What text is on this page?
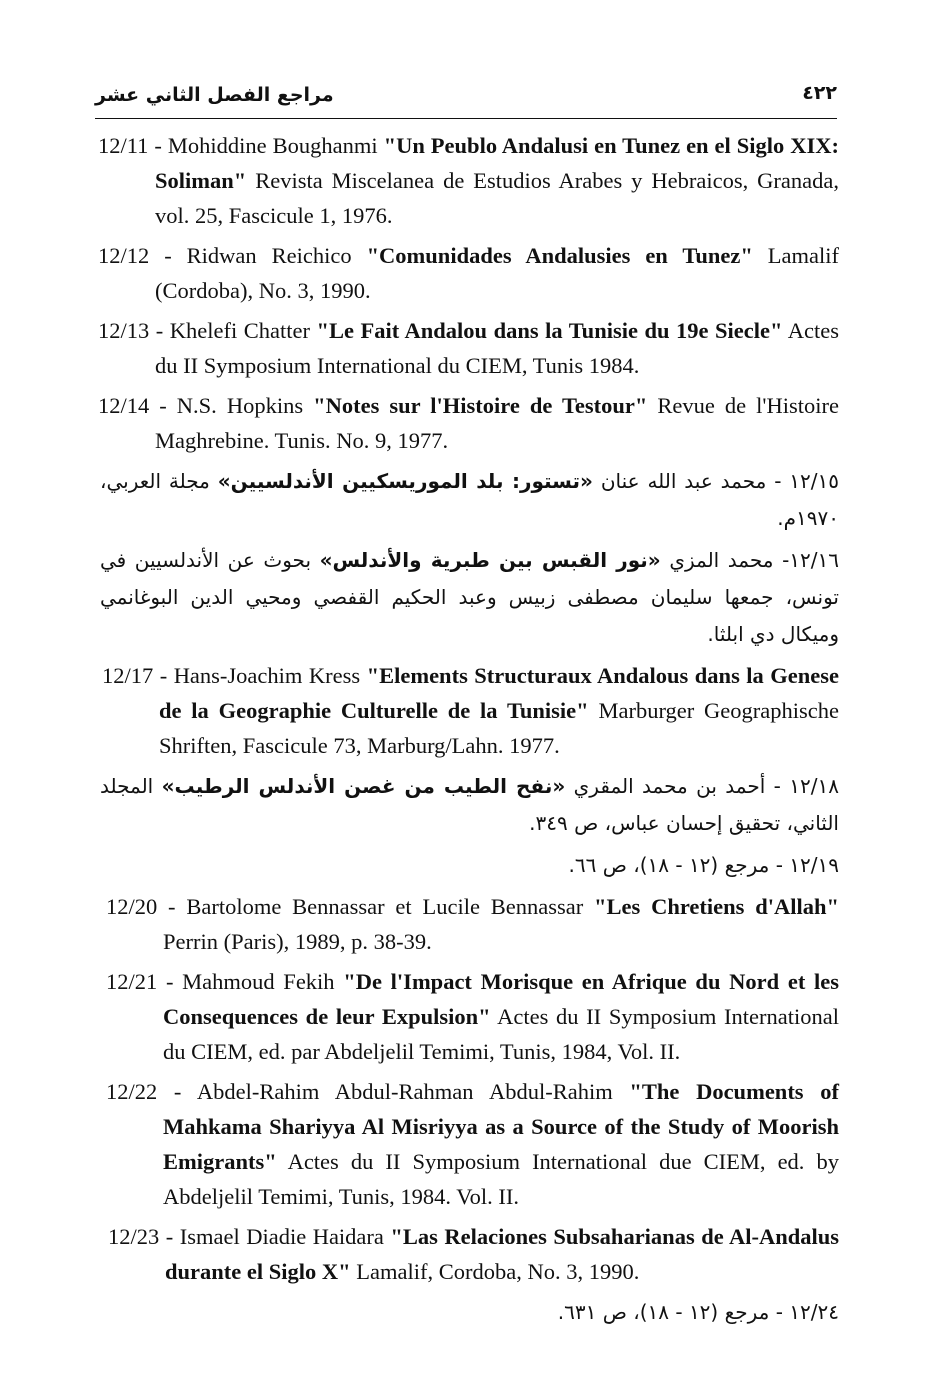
مراجع الفصل الثاني عشر	٤٢٢
12/11 - Mohiddine Boughanmi "Un Peublo Andalusi en Tunez en el Siglo XIX: Soliman" Revista Miscelanea de Estudios Arabes y Hebraicos, Granada, vol. 25, Fascicule 1, 1976.
12/12 - Ridwan Reichico "Comunidades Andalusies en Tunez" Lamalif (Cordoba), No. 3, 1990.
12/13 - Khelefi Chatter "Le Fait Andalou dans la Tunisie du 19e Siecle" Actes du II Symposium International du CIEM, Tunis 1984.
12/14 - N.S. Hopkins "Notes sur l'Histoire de Testour" Revue de l'Histoire Maghrebine. Tunis. No. 9, 1977.
١٢/١٥ - محمد عبد الله عنان «تستور: بلد الموريسكيين الأندلسيين» مجلة العربي، ١٩٧٠م.
١٢/١٦- محمد المزي «نور القبس بين طبرية والأندلس» بحوث عن الأندلسيين في تونس، جمعها سليمان مصطفى زبيس وعبد الحكيم القفصي ومحيي الدين البوغانمي وميكال دي ابلثا.
12/17 - Hans-Joachim Kress "Elements Structuraux Andalous dans la Genese de la Geographie Culturelle de la Tunisie" Marburger Geographische Shriften, Fascicule 73, Marburg/Lahn. 1977.
١٢/١٨ - أحمد بن محمد المقري «نفح الطيب من غصن الأندلس الرطيب» المجلد الثاني، تحقيق إحسان عباس، ص ٣٤٩.
١٢/١٩ - مرجع (١٢ - ١٨)، ص ٦٦.
12/20 - Bartolome Bennassar et Lucile Bennassar "Les Chretiens d'Allah" Perrin (Paris), 1989, p. 38-39.
12/21 - Mahmoud Fekih "De l'Impact Morisque en Afrique du Nord et les Consequences de leur Expulsion" Actes du II Symposium International du CIEM, ed. par Abdeljelil Temimi, Tunis, 1984, Vol. II.
12/22 - Abdel-Rahim Abdul-Rahman Abdul-Rahim "The Documents of Mahkama Shariyya Al Misriyya as a Source of the Study of Moorish Emigrants" Actes du II Symposium International due CIEM, ed. by Abdeljelil Temimi, Tunis, 1984. Vol. II.
12/23 - Ismael Diadie Haidara "Las Relaciones Subsaharianas de Al-Andalus durante el Siglo X" Lamalif, Cordoba, No. 3, 1990.
١٢/٢٤ - مرجع (١٢ - ١٨)، ص ٦٣١.
